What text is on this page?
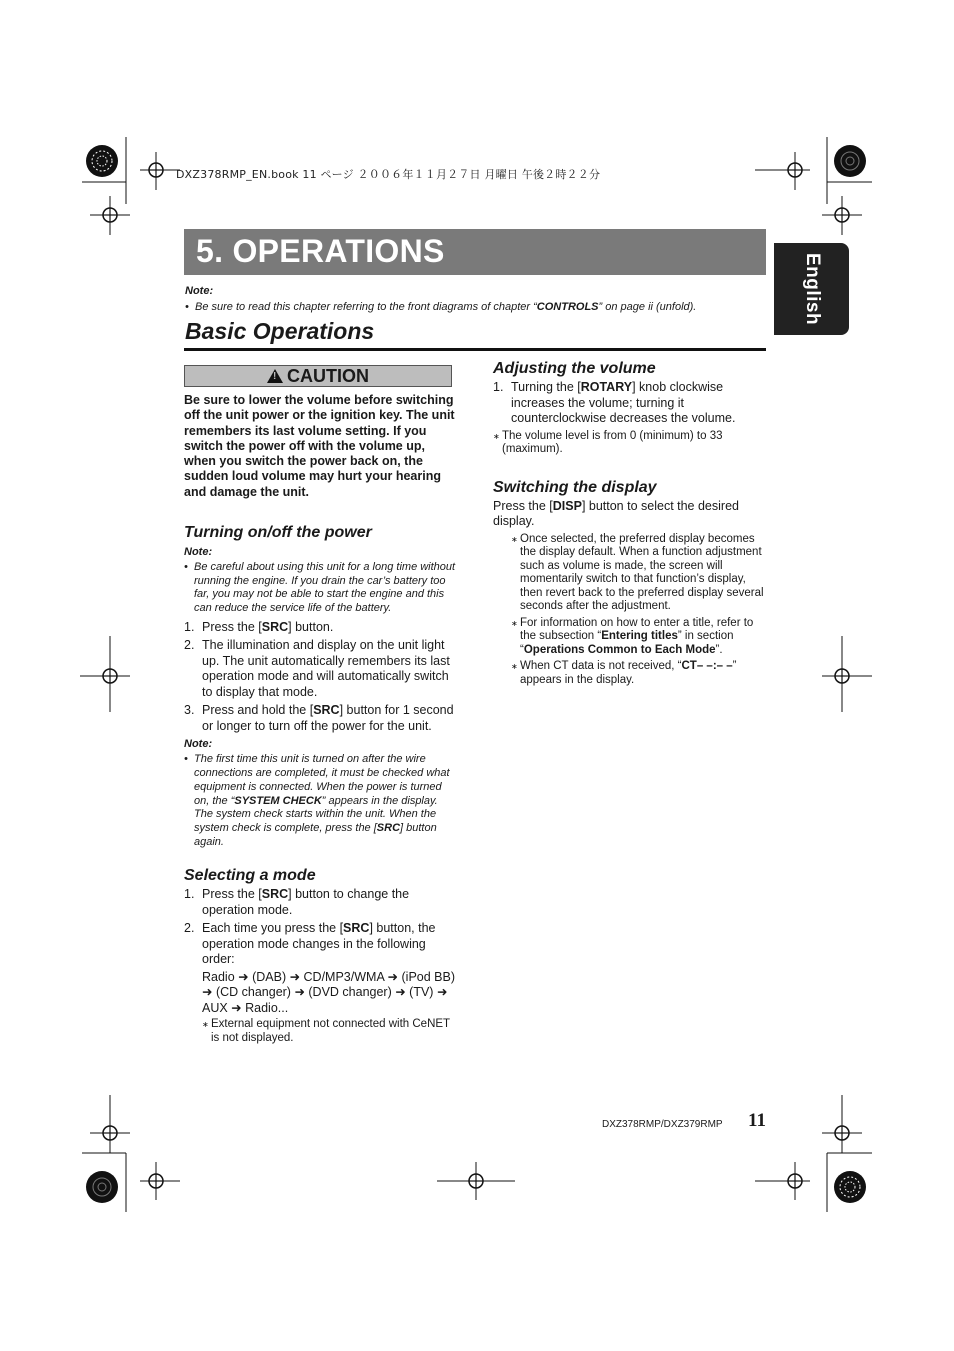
DXZ378RMP_EN.book 11 ページ ２００６年１１月２７日 月曜日 午後２時２２分
5. OPERATIONS
English
Note:
• Be sure to read this chapter referring to the front diagrams of chapter “CONTROLS” on page ii (unfold).
Basic Operations
! CAUTION
Be sure to lower the volume before switching off the unit power or the ignition key. The unit remembers its last volume setting. If you switch the power off with the volume up, when you switch the power back on, the sudden loud volume may hurt your hearing and damage the unit.
Turning on/off the power
Note:
• Be careful about using this unit for a long time without running the engine. If you drain the car’s battery too far, you may not be able to start the engine and this can reduce the service life of the battery.
1. Press the [SRC] button.
2. The illumination and display on the unit light up. The unit automatically remembers its last operation mode and will automatically switch to display that mode.
3. Press and hold the [SRC] button for 1 second or longer to turn off the power for the unit.
Note:
• The first time this unit is turned on after the wire connections are completed, it must be checked what equipment is connected. When the power is turned on, the “SYSTEM CHECK” appears in the display. The system check starts within the unit. When the system check is complete, press the [SRC] button again.
Selecting a mode
1. Press the [SRC] button to change the operation mode.
2. Each time you press the [SRC] button, the operation mode changes in the following order:
Radio ➜ (DAB) ➜ CD/MP3/WMA ➜ (iPod BB) ➜ (CD changer) ➜ (DVD changer) ➜ (TV) ➜ AUX ➜ Radio...
∗ External equipment not connected with CeNET is not displayed.
Adjusting the volume
1. Turning the [ROTARY] knob clockwise increases the volume; turning it counterclockwise decreases the volume.
∗ The volume level is from 0 (minimum) to 33 (maximum).
Switching the display
Press the [DISP] button to select the desired display.
∗ Once selected, the preferred display becomes the display default. When a function adjustment such as volume is made, the screen will momentarily switch to that function’s display, then revert back to the preferred display several seconds after the adjustment.
∗ For information on how to enter a title, refer to the subsection “Entering titles” in section “Operations Common to Each Mode”.
∗ When CT data is not received, “CT– –:– –” appears in the display.
DXZ378RMP/DXZ379RMP 11
